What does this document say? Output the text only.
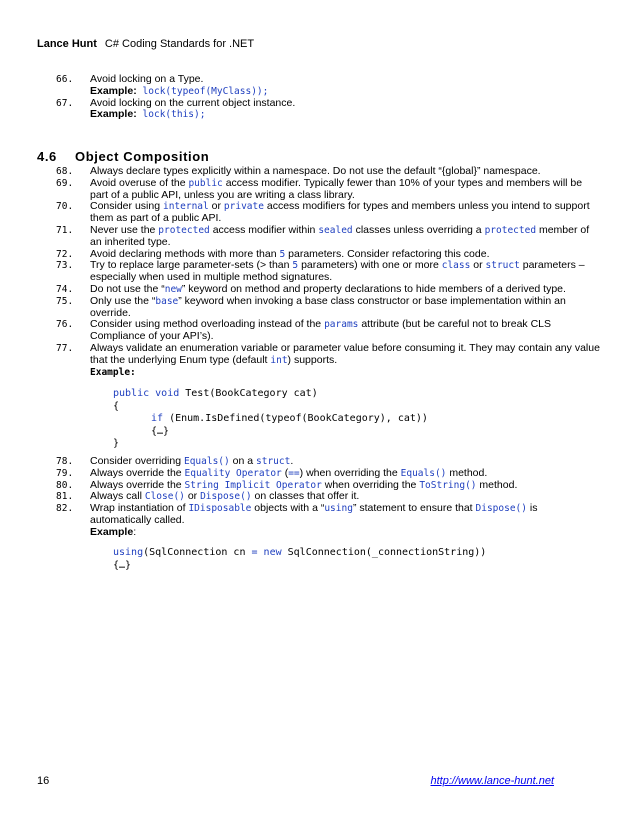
Lance Hunt C# Coding Standards for .NET
66.	Avoid locking on a Type.
Example: lock(typeof(MyClass));
67.	Avoid locking on the current object instance.
Example: lock(this);
4.6 Object Composition
68.	Always declare types explicitly within a namespace. Do not use the default “{global}” namespace.
69.	Avoid overuse of the public access modifier. Typically fewer than 10% of your types and members will be part of a public API, unless you are writing a class library.
70.	Consider using internal or private access modifiers for types and members unless you intend to support them as part of a public API.
71.	Never use the protected access modifier within sealed classes unless overriding a protected member of an inherited type.
72.	Avoid declaring methods with more than 5 parameters. Consider refactoring this code.
73.	Try to replace large parameter-sets (> than 5 parameters) with one or more class or struct parameters – especially when used in multiple method signatures.
74.	Do not use the “new” keyword on method and property declarations to hide members of a derived type.
75.	Only use the “base” keyword when invoking a base class constructor or base implementation within an override.
76.	Consider using method overloading instead of the params attribute (but be careful not to break CLS Compliance of your API’s).
77.	Always validate an enumeration variable or parameter value before consuming it. They may contain any value that the underlying Enum type (default int) supports.
Example:
public void Test(BookCategory cat)
{
if (Enum.IsDefined(typeof(BookCategory), cat))
{…}
}
78.	Consider overriding Equals() on a struct.
79.	Always override the Equality Operator (==) when overriding the Equals() method.
80.	Always override the String Implicit Operator when overriding the ToString() method.
81.	Always call Close() or Dispose() on classes that offer it.
82.	Wrap instantiation of IDisposable objects with a “using” statement to ensure that Dispose() is automatically called.
Example:
using(SqlConnection cn = new SqlConnection(_connectionString))
{…}
16	http://www.lance-hunt.net
